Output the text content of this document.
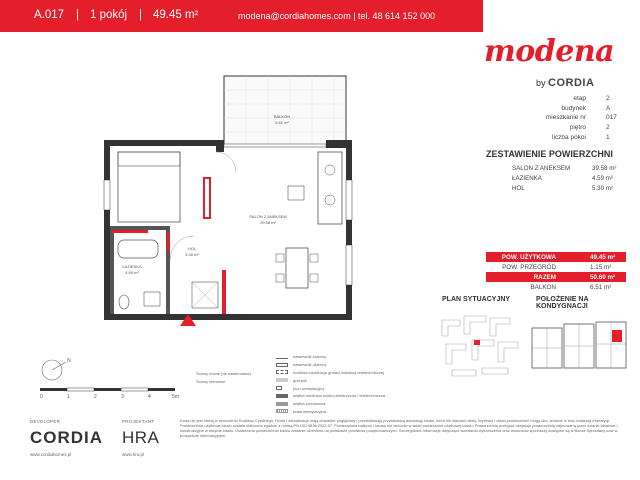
A.017 | 1 pokój | 49.45 m²	modena@cordiahomes.com | tel. 48 614 152 000
modena
by CORDIA
etap	2
budynek	A
mieszkanie nr	017
piętro	2
liczba pokoi	1
ZESTAWIENIE POWIERZCHNI
SALON Z ANEKSEM	39.58 m²
ŁAZIENKA	4.59 m²
HOL	5.30 m²
POW. UŻYTKOWA	49.45 m²
POW. PRZEGRÓD	1.15 m²
RAZEM	50.60 m²
BALKON	6.51 m²
PLAN SYTUACYJNY	POŁOŻENIE NA KONDYGNACJI
BALKON
6.51 m²
SALON Z ANEKSEM
39.58 m²
HOL
5.30 m²
ŁAZIENKA
4.59 m²
N
0	1	2	3	4	5m
Ściany nośne (do nawiercania)
Ściany nienośne
nawiewnik ścienny
nawiewnik okienny
możliwa lokalizacja gniazd instalacji teletechnicznej
grzejnik
pion wentylacyjny
szafka mediowa wodno-elektryczna / teletechniczna
szafka pomiarowa
krata wentylacyjna
DEVELOPER	PROJEKTANT
CORDIA HRA
www.cordiahomes.pl	www.hra.pl
Karta nie jest ofertą w rozumieniu Kodeksu Cywilnego. Rzuty i wizualizacje mają charakter poglądowy i przedstawiają przykładową aranżację lokalu, która nie stanowi oferty. Wymiary i układ pomieszczeń mogą ulec zmianie w toku realizacji inwestycji. Powierzchnia użytkowa lokalu została obliczona zgodnie z normą PN-ISO 9836:2022-07. Powierzchnia balkonu / tarasu nie wchodzi w skład powierzchni użytkowej lokalu. Powierzchnia przegród obejmuje powierzchnię zajmowaną przez ścianki działowe i konstrukcyjne w obrębie lokalu. Ostateczna powierzchnia lokalu zostanie określona na podstawie pomiarów powykonawczych. Szczegółowe informacje dotyczące standardu wykończenia oraz warunków sprzedaży dostępne są w Biurze Sprzedaży oraz w prospekcie informacyjnym.
